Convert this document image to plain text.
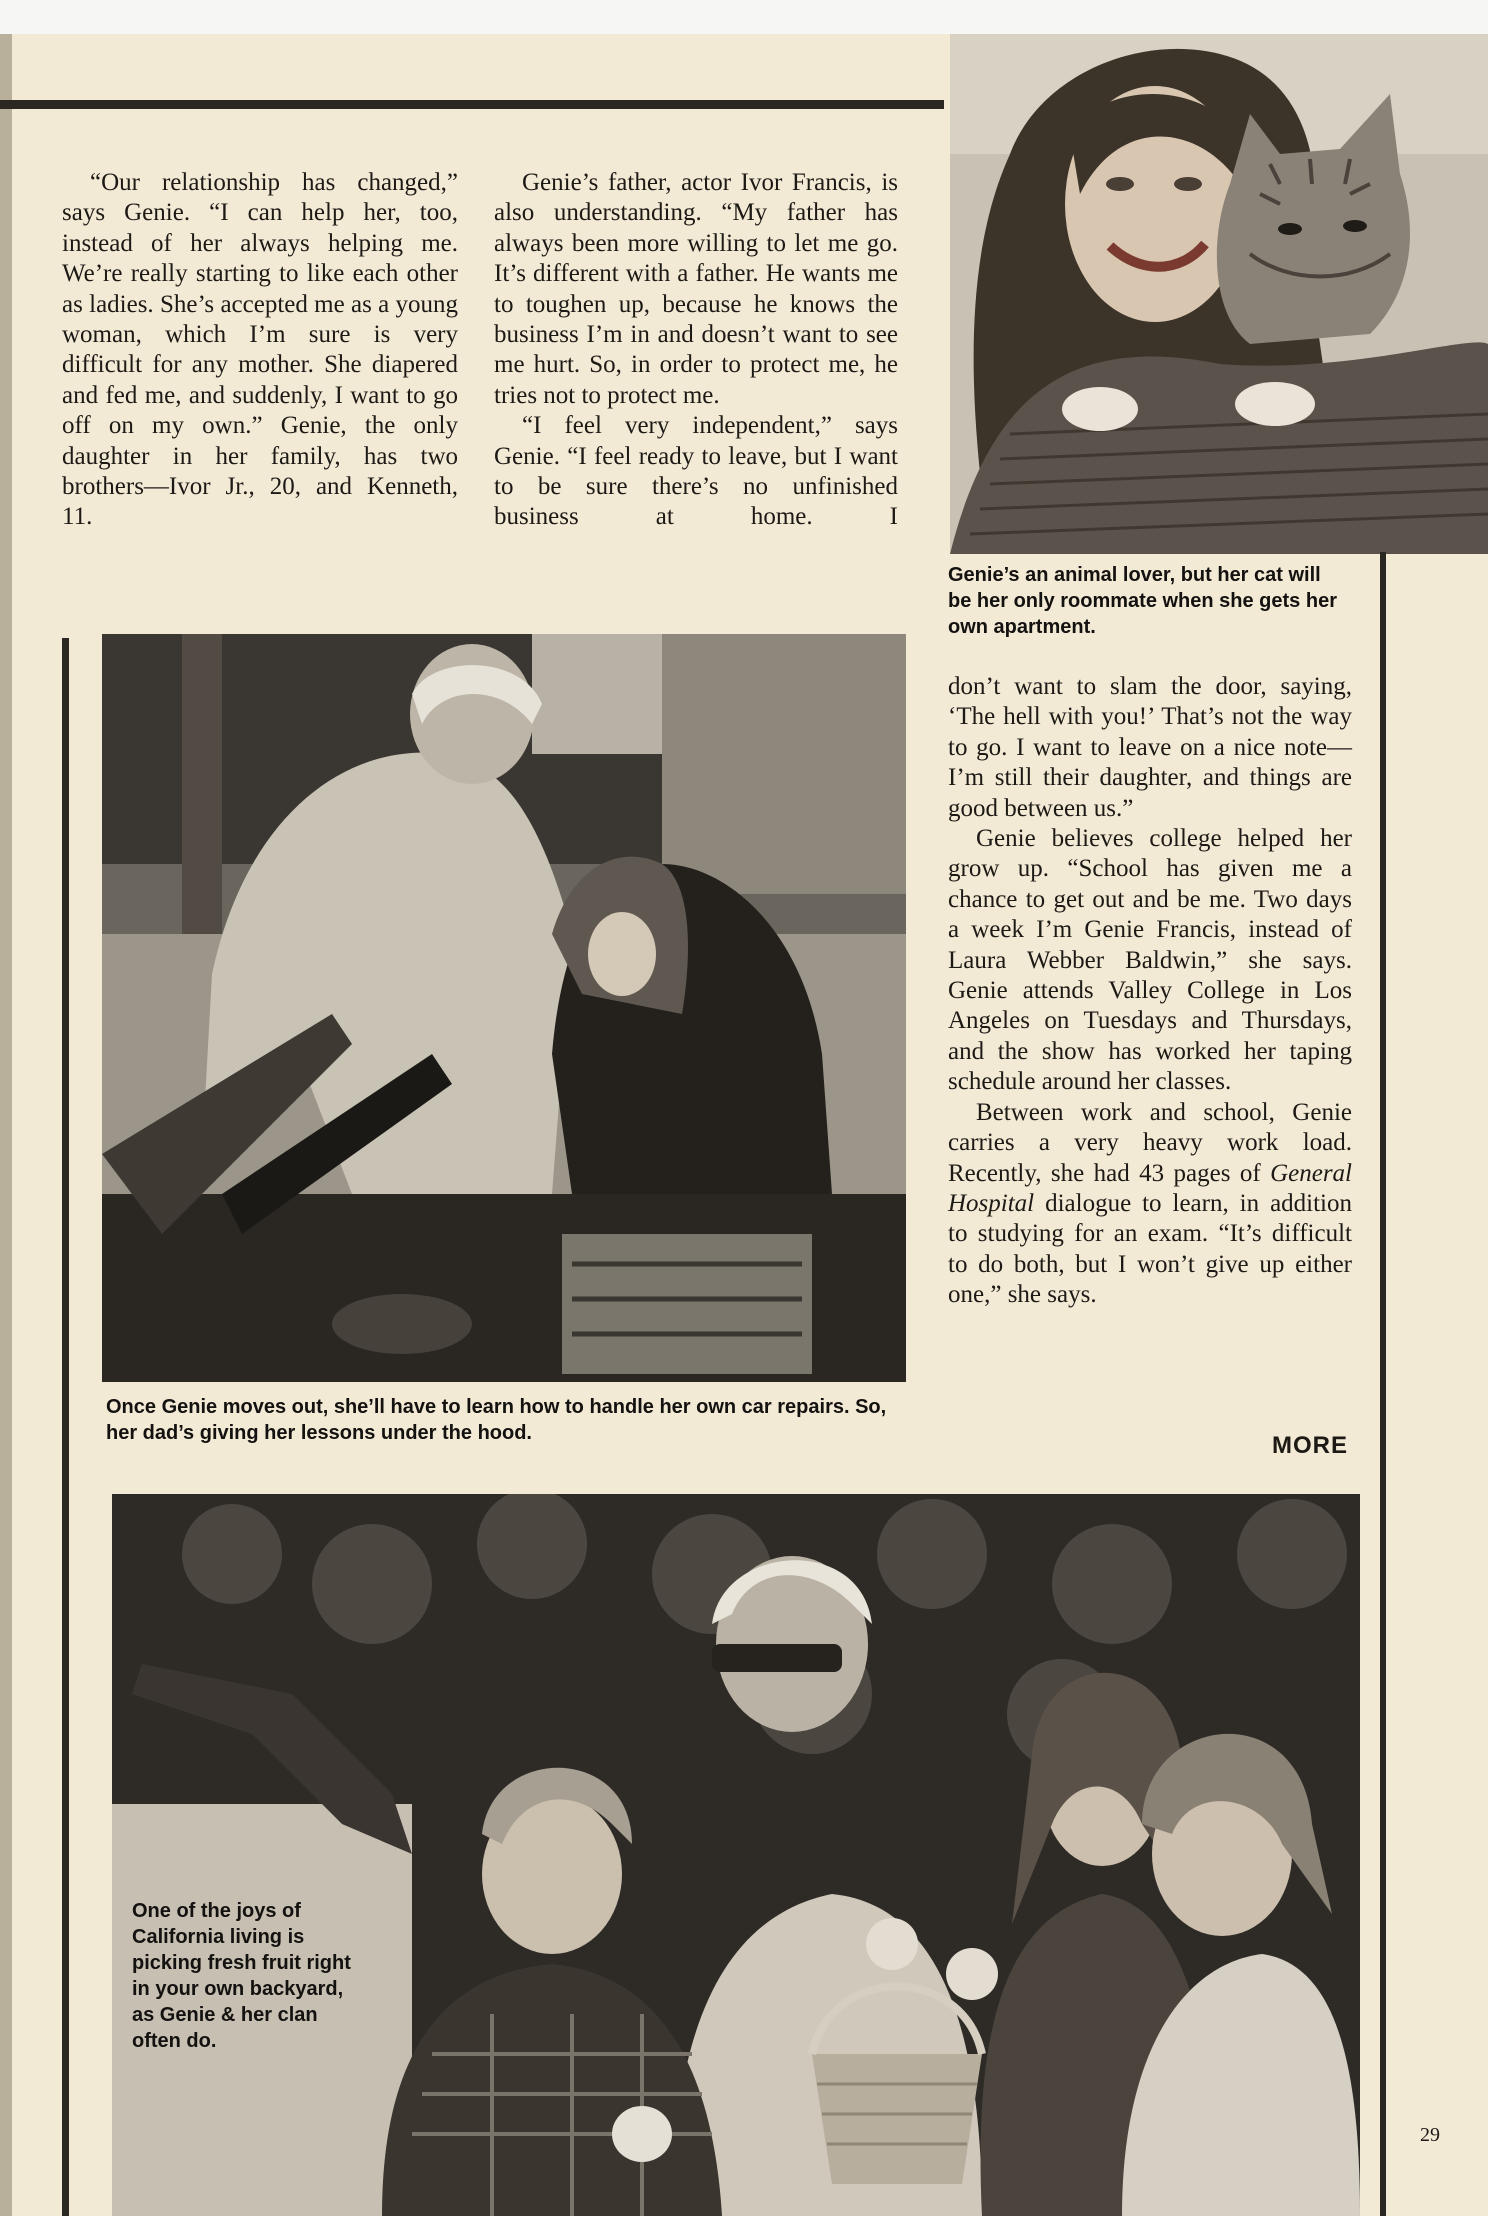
“Our relationship has changed,” says Genie. “I can help her, too, instead of her always helping me. We’re really starting to like each other as ladies. She’s accepted me as a young woman, which I’m sure is very difficult for any mother. She diapered and fed me, and suddenly, I want to go off on my own.” Genie, the only daughter in her family, has two brothers—Ivor Jr., 20, and Kenneth, 11.

Genie’s father, actor Ivor Francis, is also understanding. “My father has always been more willing to let me go. It’s different with a father. He wants me to toughen up, because he knows the business I’m in and doesn’t want to see me hurt. So, in order to protect me, he tries not to protect me.

“I feel very independent,” says Genie. “I feel ready to leave, but I want to be sure there’s no unfinished business at home. I

Genie’s an animal lover, but her cat will be her only roommate when she gets her own apartment.

Once Genie moves out, she’ll have to learn how to handle her own car repairs. So, her dad’s giving her lessons under the hood.

don’t want to slam the door, saying, ‘The hell with you!’ That’s not the way to go. I want to leave on a nice note—I’m still their daughter, and things are good between us.”

Genie believes college helped her grow up. “School has given me a chance to get out and be me. Two days a week I’m Genie Francis, instead of Laura Webber Baldwin,” she says. Genie attends Valley College in Los Angeles on Tuesdays and Thursdays, and the show has worked her taping schedule around her classes.

Between work and school, Genie carries a very heavy work load. Recently, she had 43 pages of General Hospital dialogue to learn, in addition to studying for an exam. “It’s difficult to do both, but I won’t give up either one,” she says.

MORE

One of the joys of California living is picking fresh fruit right in your own backyard, as Genie & her clan often do.

29
